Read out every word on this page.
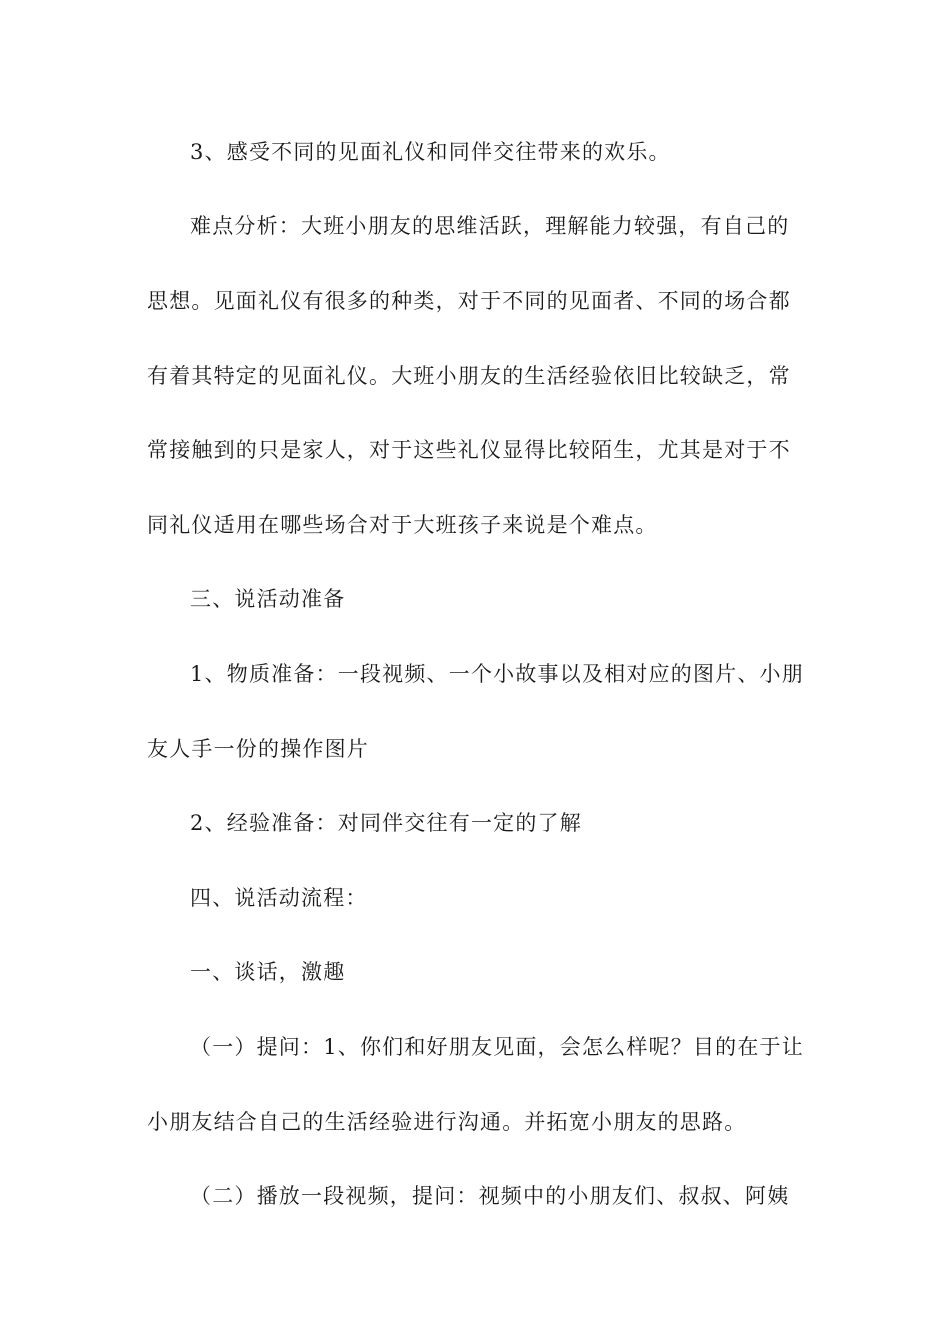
3、感受不同的见面礼仪和同伴交往带来的欢乐。
难点分析：大班小朋友的思维活跃，理解能力较强，有自己的
思想。见面礼仪有很多的种类，对于不同的见面者、不同的场合都
有着其特定的见面礼仪。大班小朋友的生活经验依旧比较缺乏，常
常接触到的只是家人，对于这些礼仪显得比较陌生，尤其是对于不
同礼仪适用在哪些场合对于大班孩子来说是个难点。
三、说活动准备
1、物质准备：一段视频、一个小故事以及相对应的图片、小朋
友人手一份的操作图片
2、经验准备：对同伴交往有一定的了解
四、说活动流程：
一、谈话，激趣
（一）提问：1、你们和好朋友见面，会怎么样呢？目的在于让
小朋友结合自己的生活经验进行沟通。并拓宽小朋友的思路。
（二）播放一段视频，提问：视频中的小朋友们、叔叔、阿姨
